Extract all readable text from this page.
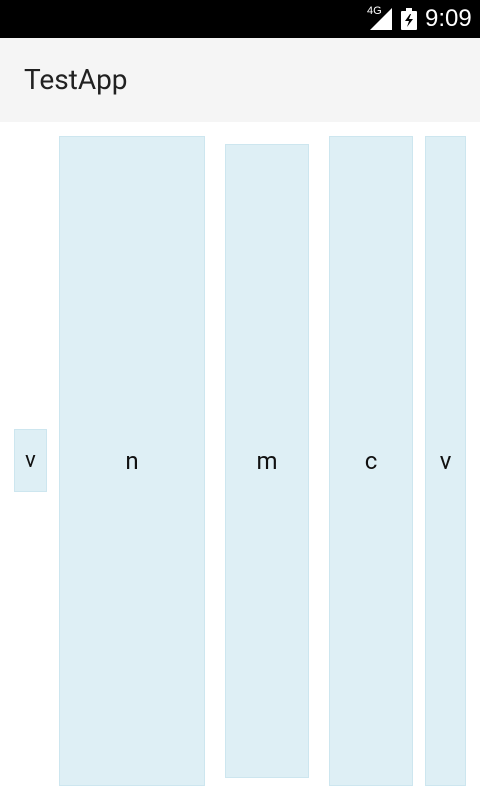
4G 9:09
TestApp
v	n	m	c	v
